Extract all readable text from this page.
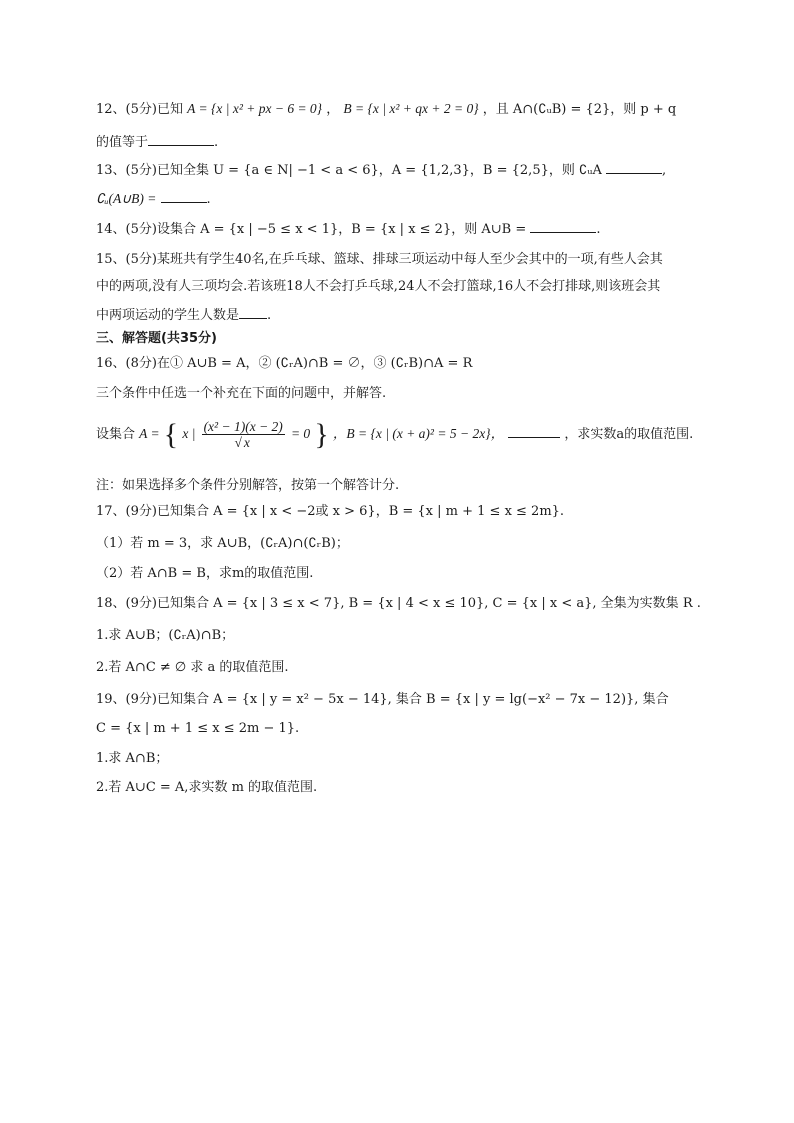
12、(5分)已知 A = {x | x² + px − 6 = 0} ， B = {x | x² + qx + 2 = 0} ，且 A∩(∁ᵤB) = {2}，则 p + q
的值等于	.
13、(5分)已知全集 U = {a ∈ N| −1 < a < 6}，A = {1,2,3}，B = {2,5}，则 ∁ᵤA	,
∁ᵤ(A∪B) =	.
14、(5分)设集合 A = {x | −5 ≤ x < 1}，B = {x | x ≤ 2}，则 A∪B =	.
15、(5分)某班共有学生40名,在乒乓球、篮球、排球三项运动中每人至少会其中的一项,有些人会其
中的两项,没有人三项均会.若该班18人不会打乒乓球,24人不会打篮球,16人不会打排球,则该班会其
中两项运动的学生人数是 .
三、解答题(共35分)
16、(8分)在① A∪B = A，② (∁ᵣA)∩B = ∅，③ (∁ᵣB)∩A = R
三个条件中任选一个补充在下面的问题中，并解答.
设集合 A = { x | $\frac{\text{(x² − 1)(x − 2)}}{√ x} = 0$ } ，B = {x | (x + a)² = 5 − 2x}，	，求实数a的取值范围.
注：如果选择多个条件分别解答，按第一个解答计分.
17、(9分)已知集合 A = {x | x < −2或 x > 6}，B = {x | m + 1 ≤ x ≤ 2m}.
（1）若 m = 3，求 A∪B，(∁ᵣA)∩(∁ᵣB)；
（2）若 A∩B = B，求m的取值范围.
18、(9分)已知集合 A = {x | 3 ≤ x < 7}, B = {x | 4 < x ≤ 10}, C = {x | x < a}, 全集为实数集 R .
1.求 A∪B；(∁ᵣA)∩B；
2.若 A∩C ≠ ∅ 求 a 的取值范围.
19、(9分)已知集合 A = {x | y = x² − 5x − 14}, 集合 B = {x | y = lg(−x² − 7x − 12)}, 集合
C = {x | m + 1 ≤ x ≤ 2m − 1}.
1.求 A∩B；
2.若 A∪C = A,求实数 m 的取值范围.
